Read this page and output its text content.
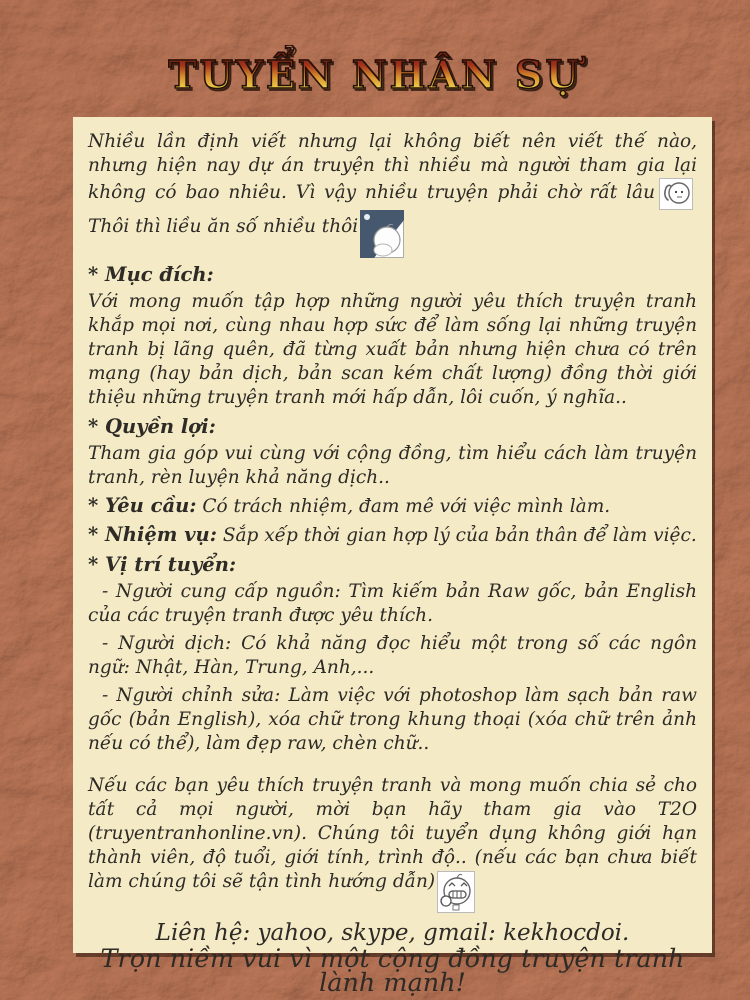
TUYỂN NHÂN SỰ

Nhiều lần định viết nhưng lại không biết nên viết thế nào, nhưng hiện nay dự án truyện thì nhiều mà người tham gia lại không có bao nhiêu. Vì vậy nhiều truyện phải chờ rất lâuThôi thì liều ăn số nhiều thôi

* Mục đích:

Với mong muốn tập hợp những người yêu thích truyện tranh khắp mọi nơi, cùng nhau hợp sức để làm sống lại những truyện tranh bị lãng quên, đã từng xuất bản nhưng hiện chưa có trên mạng (hay bản dịch, bản scan kém chất lượng) đồng thời giới thiệu những truyện tranh mới hấp dẫn, lôi cuốn, ý nghĩa..

* Quyền lợi:

Tham gia góp vui cùng với cộng đồng, tìm hiểu cách làm truyện tranh, rèn luyện khả năng dịch..

* Yêu cầu: Có trách nhiệm, đam mê với việc mình làm.

* Nhiệm vụ: Sắp xếp thời gian hợp lý của bản thân để làm việc.

* Vị trí tuyển:

- Người cung cấp nguồn: Tìm kiếm bản Raw gốc, bản English của các truyện tranh được yêu thích.

- Người dịch: Có khả năng đọc hiểu một trong số các ngôn ngữ: Nhật, Hàn, Trung, Anh,...

- Người chỉnh sửa: Làm việc với photoshop làm sạch bản raw gốc (bản English), xóa chữ trong khung thoại (xóa chữ trên ảnh nếu có thể), làm đẹp raw, chèn chữ..

Nếu các bạn yêu thích truyện tranh và mong muốn chia sẻ cho tất cả mọi người, mời bạn hãy tham gia vào T2O (truyentranhonline.vn). Chúng tôi tuyển dụng không giới hạn thành viên, độ tuổi, giới tính, trình độ.. (nếu các bạn chưa biết làm chúng tôi sẽ tận tình hướng dẫn)

Liên hệ: yahoo, skype, gmail: kekhocdoi.

Trọn niềm vui vì một cộng đồng truyện tranh lành mạnh!
